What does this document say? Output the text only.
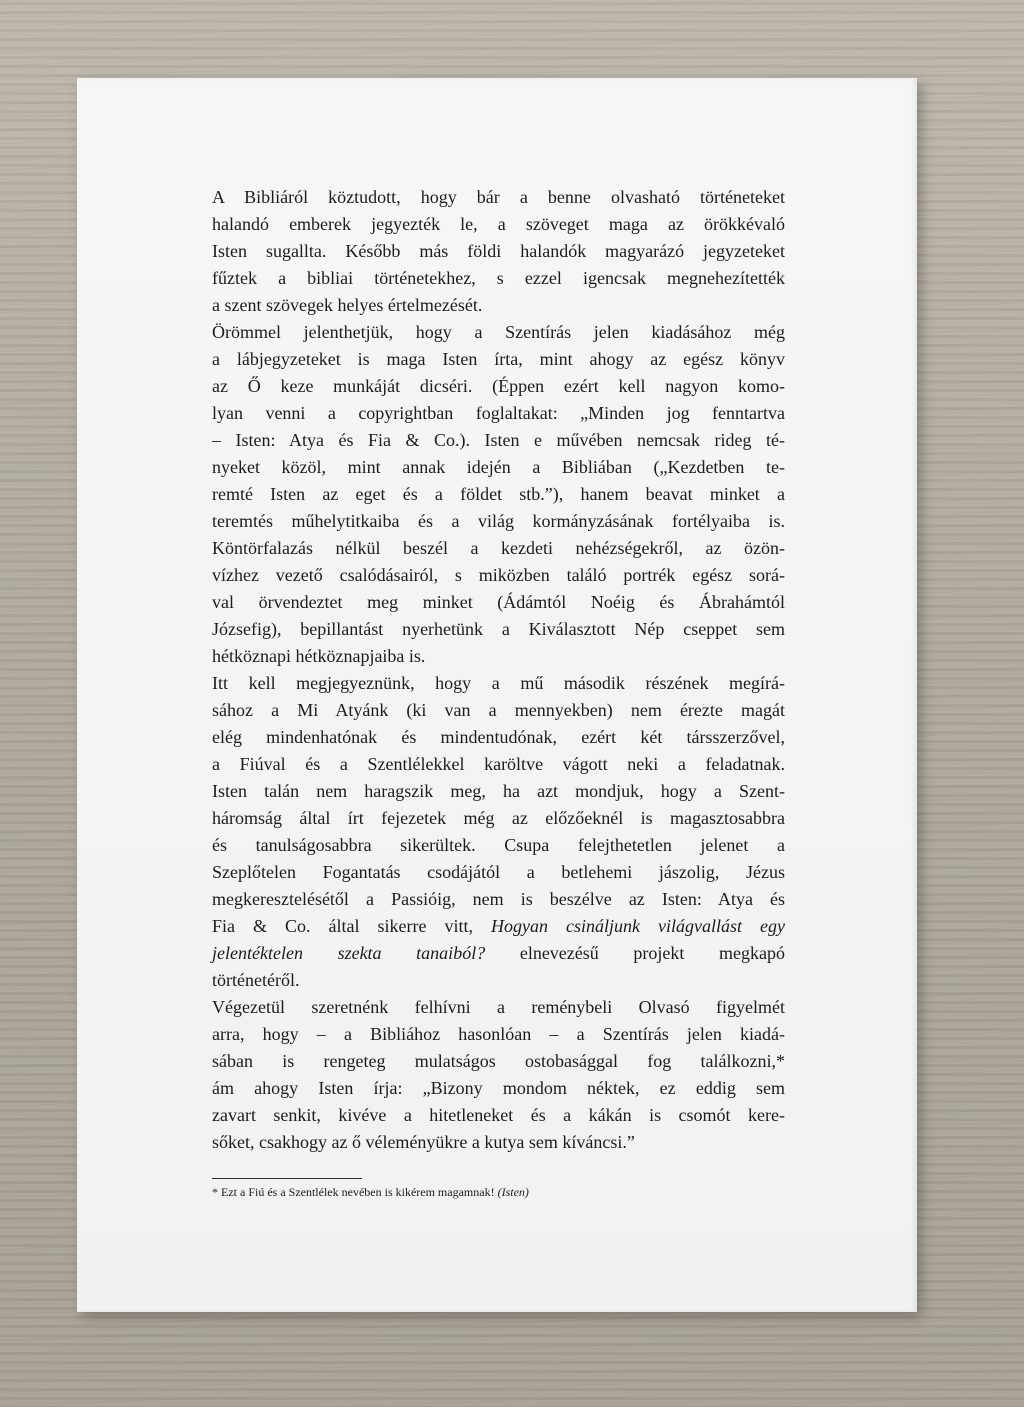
A Bibliáról köztudott, hogy bár a benne olvasható történeteket
halandó emberek jegyezték le, a szöveget maga az örökkévaló
Isten sugallta. Később más földi halandók magyarázó jegyzeteket
fűztek a bibliai történetekhez, s ezzel igencsak megnehezítették
a szent szövegek helyes értelmezését.
Örömmel jelenthetjük, hogy a Szentírás jelen kiadásához még
a lábjegyzeteket is maga Isten írta, mint ahogy az egész könyv
az Ő keze munkáját dicséri. (Éppen ezért kell nagyon komo-
lyan venni a copyrightban foglaltakat: „Minden jog fenntartva
– Isten: Atya és Fia & Co.). Isten e művében nemcsak rideg té-
nyeket közöl, mint annak idején a Bibliában („Kezdetben te-
remté Isten az eget és a földet stb.”), hanem beavat minket a
teremtés műhelytitkaiba és a világ kormányzásának fortélyaiba is.
Köntörfalazás nélkül beszél a kezdeti nehézségekről, az özön-
vízhez vezető csalódásairól, s miközben találó portrék egész sorá-
val örvendeztet meg minket (Ádámtól Noéig és Ábrahámtól
Józsefig), bepillantást nyerhetünk a Kiválasztott Nép cseppet sem
hétköznapi hétköznapjaiba is.
Itt kell megjegyeznünk, hogy a mű második részének megírá-
sához a Mi Atyánk (ki van a mennyekben) nem érezte magát
elég mindenhatónak és mindentudónak, ezért két társszerzővel,
a Fiúval és a Szentlélekkel karöltve vágott neki a feladatnak.
Isten talán nem haragszik meg, ha azt mondjuk, hogy a Szent-
háromság által írt fejezetek még az előzőeknél is magasztosabbra
és tanulságosabbra sikerültek. Csupa felejthetetlen jelenet a
Szeplőtelen Fogantatás csodájától a betlehemi jászolig, Jézus
megkeresztelésétől a Passióig, nem is beszélve az Isten: Atya és
Fia & Co. által sikerre vitt, Hogyan csináljunk világvallást egy
jelentéktelen szekta tanaiból? elnevezésű projekt megkapó
történetéről.
Végezetül szeretnénk felhívni a reménybeli Olvasó figyelmét
arra, hogy – a Bibliához hasonlóan – a Szentírás jelen kiadá-
sában is rengeteg mulatságos ostobasággal fog találkozni,*
ám ahogy Isten írja: „Bizony mondom néktek, ez eddig sem
zavart senkit, kivéve a hitetleneket és a kákán is csomót kere-
sőket, csakhogy az ő véleményükre a kutya sem kíváncsi.”
* Ezt a Fiú és a Szentlélek nevében is kikérem magamnak! (Isten)
